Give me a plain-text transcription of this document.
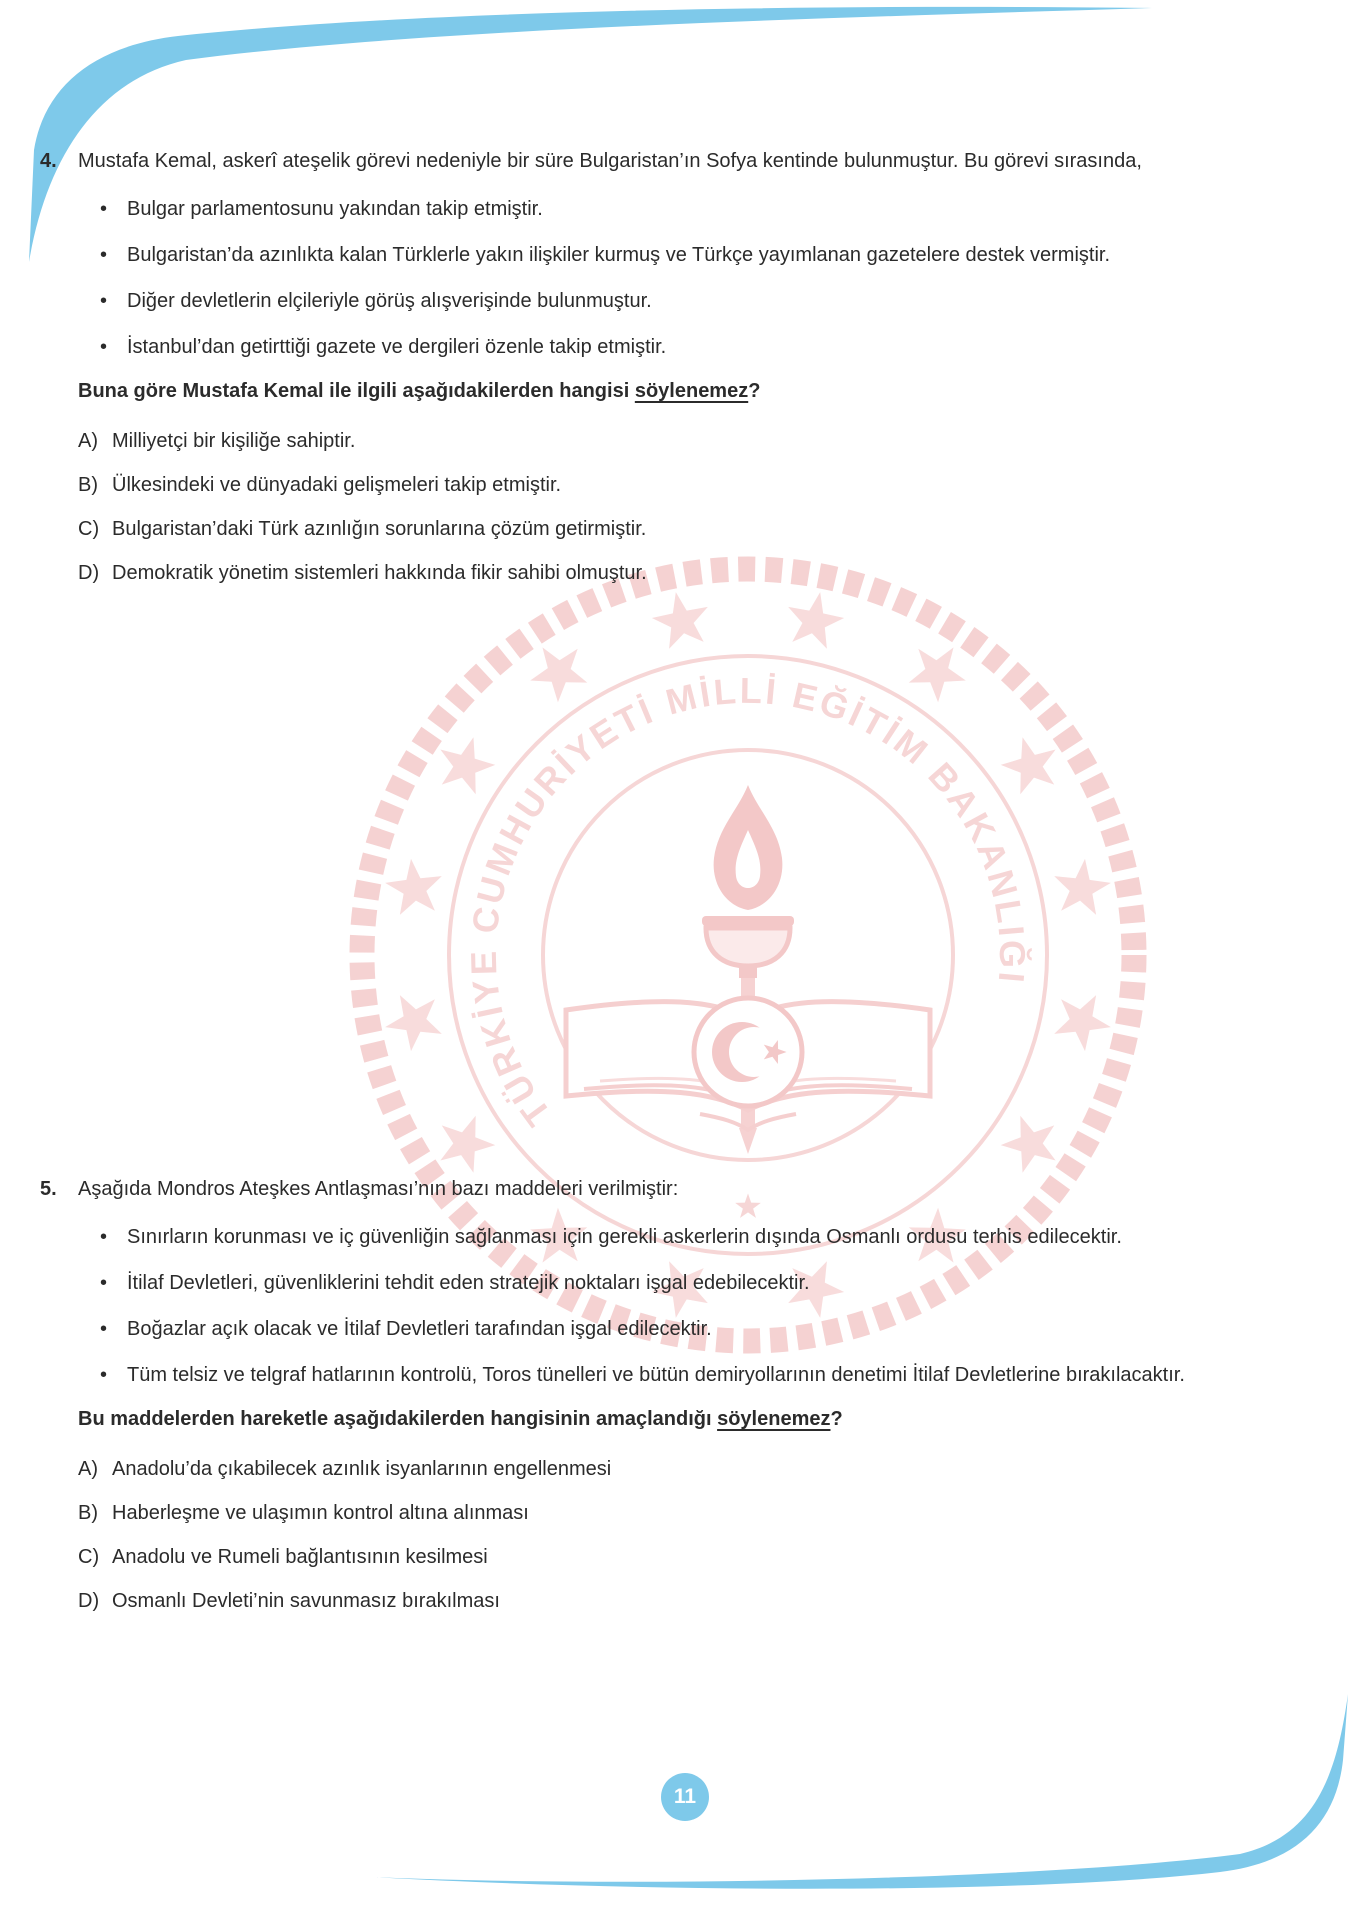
TÜRKİYE CUMHURİYETİ MİLLİ EĞİTİM BAKANLIĞI
4.	Mustafa Kemal, askerî ateşelik görevi nedeniyle bir süre Bulgaristan’ın Sofya kentinde bulunmuştur. Bu görevi sırasında,

• Bulgar parlamentosunu yakından takip etmiştir.
• Bulgaristan’da azınlıkta kalan Türklerle yakın ilişkiler kurmuş ve Türkçe yayımlanan gazetelere destek vermiştir.
• Diğer devletlerin elçileriyle görüş alışverişinde bulunmuştur.
• İstanbul’dan getirttiği gazete ve dergileri özenle takip etmiştir.

Buna göre Mustafa Kemal ile ilgili aşağıdakilerden hangisi söylenemez?

A) Milliyetçi bir kişiliğe sahiptir.
B) Ülkesindeki ve dünyadaki gelişmeleri takip etmiştir.
C) Bulgaristan’daki Türk azınlığın sorunlarına çözüm getirmiştir.
D) Demokratik yönetim sistemleri hakkında fikir sahibi olmuştur.
5.	Aşağıda Mondros Ateşkes Antlaşması’nın bazı maddeleri verilmiştir:

• Sınırların korunması ve iç güvenliğin sağlanması için gerekli askerlerin dışında Osmanlı ordusu terhis edilecektir.
• İtilaf Devletleri, güvenliklerini tehdit eden stratejik noktaları işgal edebilecektir.
• Boğazlar açık olacak ve İtilaf Devletleri tarafından işgal edilecektir.
• Tüm telsiz ve telgraf hatlarının kontrolü, Toros tünelleri ve bütün demiryollarının denetimi İtilaf Devletlerine bırakılacaktır.

Bu maddelerden hareketle aşağıdakilerden hangisinin amaçlandığı söylenemez?

A) Anadolu’da çıkabilecek azınlık isyanlarının engellenmesi
B) Haberleşme ve ulaşımın kontrol altına alınması
C) Anadolu ve Rumeli bağlantısının kesilmesi
D) Osmanlı Devleti’nin savunmasız bırakılması
11
